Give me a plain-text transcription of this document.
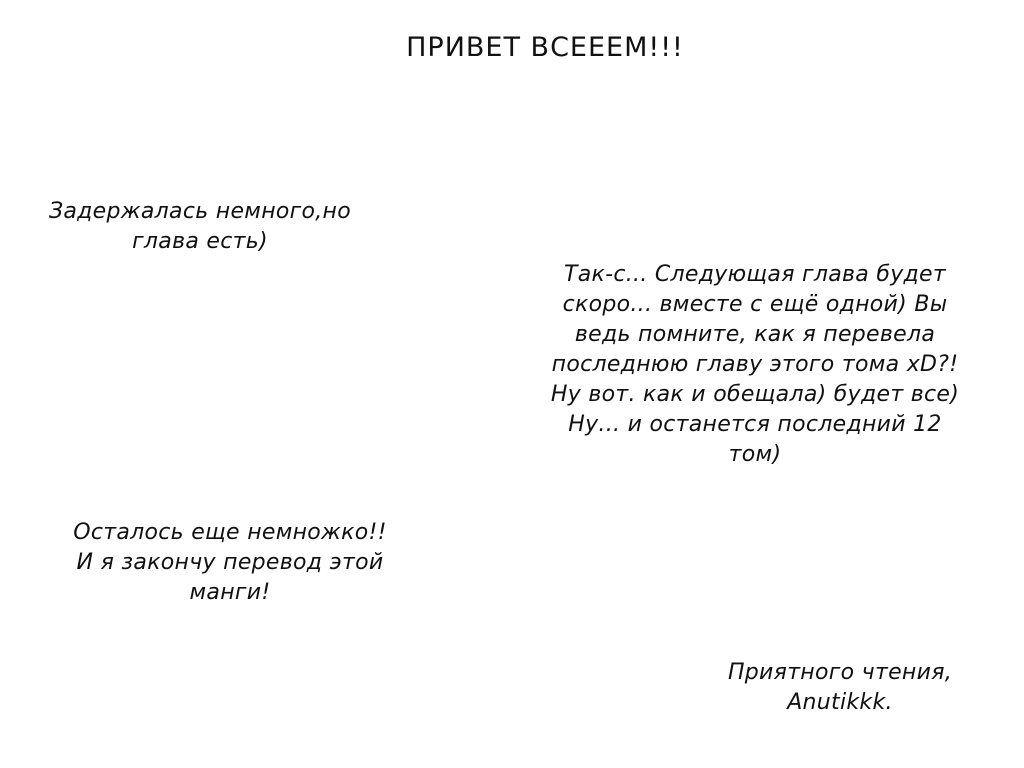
ПРИВЕТ ВСЕЕЕМ!!!
Задержалась немного,но
глава есть)
Так-с... Следующая глава будет
скоро... вместе с ещё одной) Вы
ведь помните, как я перевела
последнюю главу этого тома xD?!
Ну вот. как и обещала) будет все)
Ну... и останется последний 12
том)
Осталось еще немножко!!
И я закончу перевод этой
манги!
Приятного чтения,
Anutikkk.
